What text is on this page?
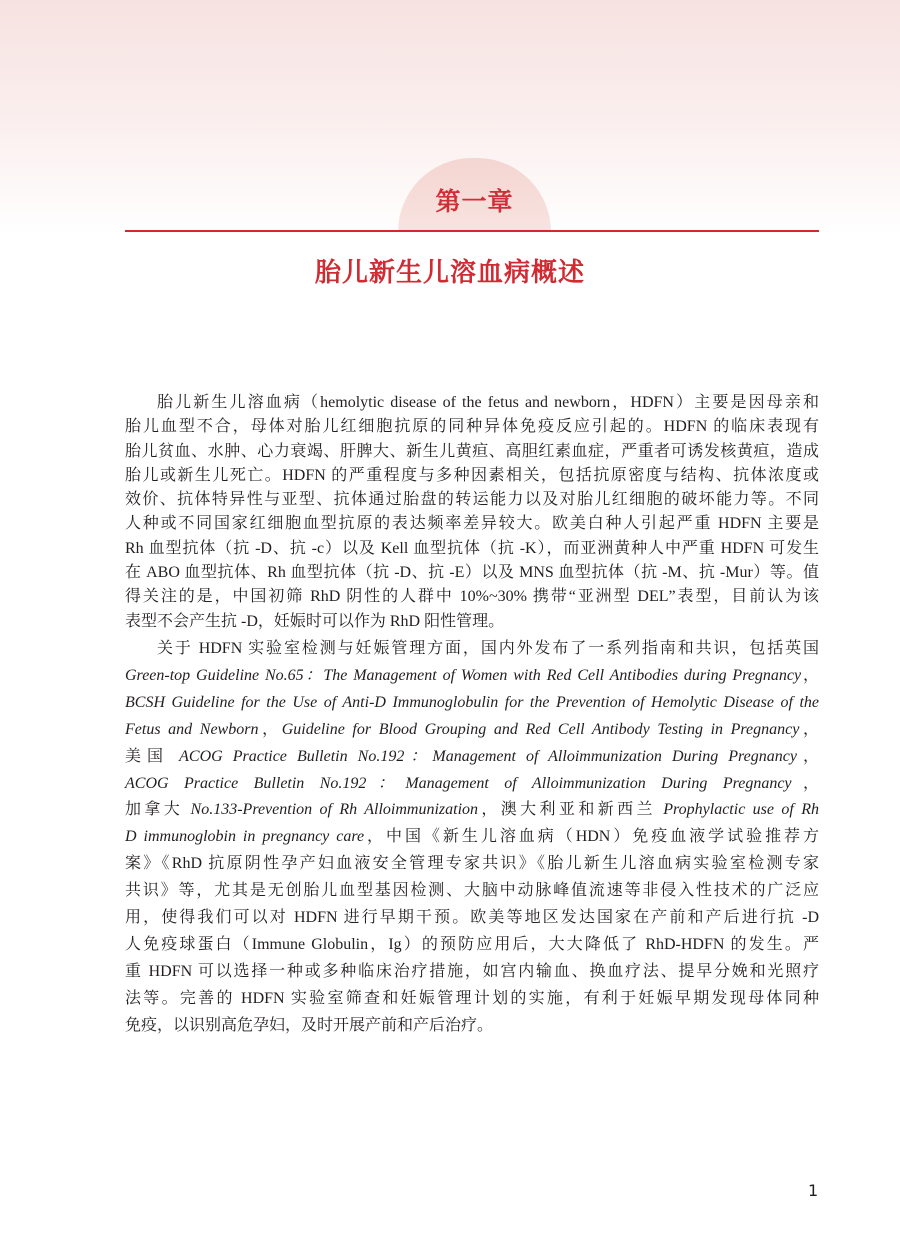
第一章
胎儿新生儿溶血病概述
胎儿新生儿溶血病（hemolytic disease of the fetus and newborn，HDFN）主要是因母亲和
胎儿血型不合，母体对胎儿红细胞抗原的同种异体免疫反应引起的。HDFN 的临床表现有
胎儿贫血、水肿、心力衰竭、肝脾大、新生儿黄疸、高胆红素血症，严重者可诱发核黄疸，造成
胎儿或新生儿死亡。HDFN 的严重程度与多种因素相关，包括抗原密度与结构、抗体浓度或
效价、抗体特异性与亚型、抗体通过胎盘的转运能力以及对胎儿红细胞的破坏能力等。不同
人种或不同国家红细胞血型抗原的表达频率差异较大。欧美白种人引起严重 HDFN 主要是
Rh 血型抗体（抗 -D、抗 -c）以及 Kell 血型抗体（抗 -K），而亚洲黄种人中严重 HDFN 可发生
在 ABO 血型抗体、Rh 血型抗体（抗 -D、抗 -E）以及 MNS 血型抗体（抗 -M、抗 -Mur）等。值
得关注的是，中国初筛 RhD 阴性的人群中 10%~30% 携带“亚洲型 DEL”表型，目前认为该
表型不会产生抗 -D，妊娠时可以作为 RhD 阳性管理。
关于 HDFN 实验室检测与妊娠管理方面，国内外发布了一系列指南和共识，包括英国
Green-top Guideline No.65：The Management of Women with Red Cell Antibodies during Pregnancy，
BCSH Guideline for the Use of Anti-D Immunoglobulin for the Prevention of Hemolytic Disease of the
Fetus and Newborn，Guideline for Blood Grouping and Red Cell Antibody Testing in Pregnancy，
美国 ACOG Practice Bulletin No.192：Management of Alloimmunization During Pregnancy，
ACOG Practice Bulletin No.192：Management of Alloimmunization During Pregnancy，
加拿大 No.133-Prevention of Rh Alloimmunization，澳大利亚和新西兰 Prophylactic use of Rh
D immunoglobin in pregnancy care，中国《新生儿溶血病（HDN）免疫血液学试验推荐方
案》《RhD 抗原阴性孕产妇血液安全管理专家共识》《胎儿新生儿溶血病实验室检测专家
共识》等，尤其是无创胎儿血型基因检测、大脑中动脉峰值流速等非侵入性技术的广泛应
用，使得我们可以对 HDFN 进行早期干预。欧美等地区发达国家在产前和产后进行抗 -D
人免疫球蛋白（Immune Globulin，Ig）的预防应用后，大大降低了 RhD-HDFN 的发生。严
重 HDFN 可以选择一种或多种临床治疗措施，如宫内输血、换血疗法、提早分娩和光照疗
法等。完善的 HDFN 实验室筛查和妊娠管理计划的实施，有利于妊娠早期发现母体同种
免疫，以识别高危孕妇，及时开展产前和产后治疗。
1
